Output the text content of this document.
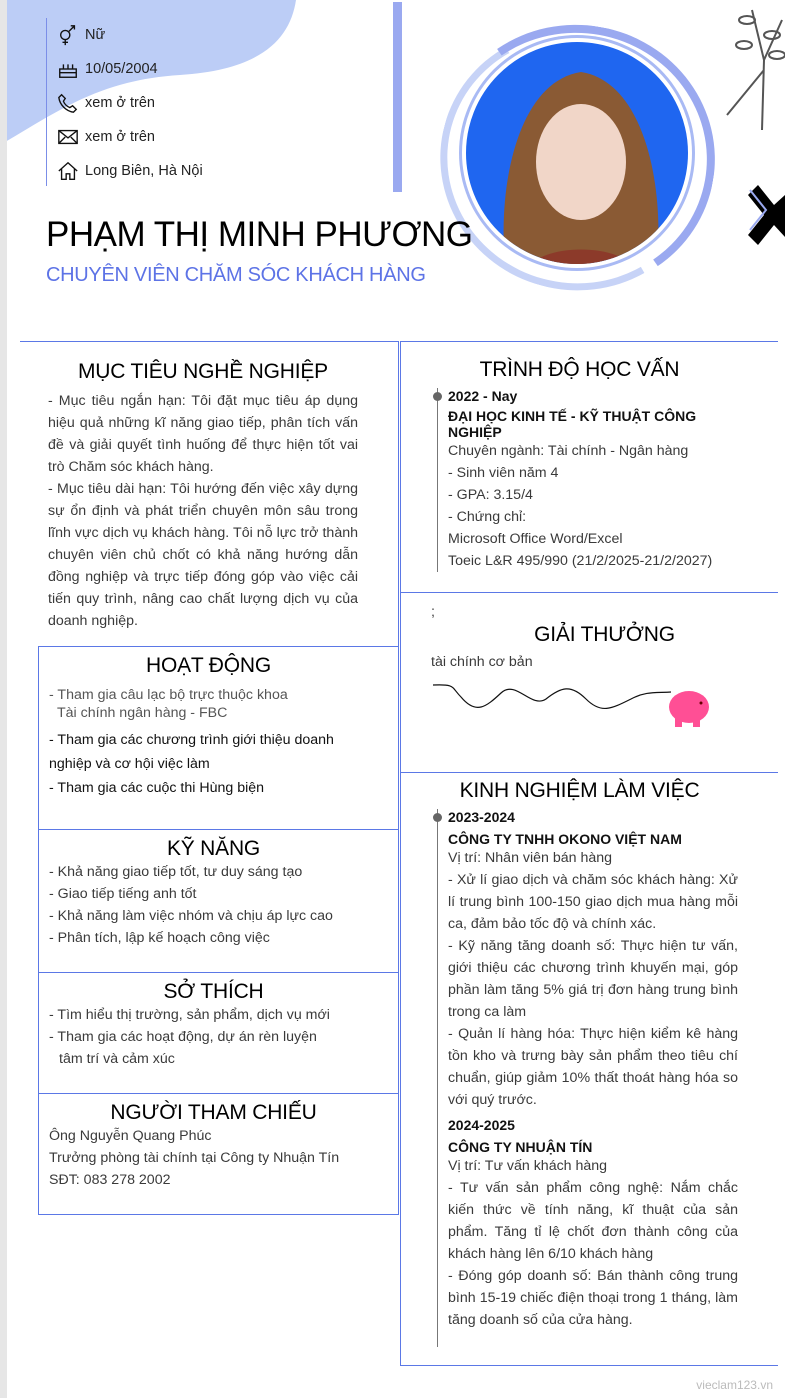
Nữ
10/05/2004
xem ở trên
xem ở trên
Long Biên, Hà Nội
PHẠM THỊ MINH PHƯƠNG
CHUYÊN VIÊN CHĂM SÓC KHÁCH HÀNG
MỤC TIÊU NGHỀ NGHIỆP

- Mục tiêu ngắn hạn: Tôi đặt mục tiêu áp dụng hiệu quả những kĩ năng giao tiếp, phân tích vấn đề và giải quyết tình huống để thực hiện tốt vai trò Chăm sóc khách hàng.

- Mục tiêu dài hạn: Tôi hướng đến việc xây dựng sự ổn định và phát triển chuyên môn sâu trong lĩnh vực dịch vụ khách hàng. Tôi nỗ lực trở thành chuyên viên chủ chốt có khả năng hướng dẫn đồng nghiệp và trực tiếp đóng góp vào việc cải tiến quy trình, nâng cao chất lượng dịch vụ của doanh nghiệp.

HOẠT ĐỘNG

- Tham gia câu lạc bộ trực thuộc khoa

Tài chính ngân hàng - FBC

- Tham gia các chương trình giới thiệu doanh nghiệp và cơ hội việc làm

- Tham gia các cuộc thi Hùng biện

KỸ NĂNG

- Khả năng giao tiếp tốt, tư duy sáng tạo

- Giao tiếp tiếng anh tốt

- Khả năng làm việc nhóm và chịu áp lực cao

- Phân tích, lập kế hoạch công việc

SỞ THÍCH

- Tìm hiểu thị trường, sản phẩm, dịch vụ mới

- Tham gia các hoạt động, dự án rèn luyện

tâm trí và cảm xúc

NGƯỜI THAM CHIẾU

Ông Nguyễn Quang Phúc

Trưởng phòng tài chính tại Công ty Nhuận Tín

SĐT: 083 278 2002

TRÌNH ĐỘ HỌC VẤN

2022 - Nay

ĐẠI HỌC KINH TẾ - KỸ THUẬT CÔNG NGHIỆP

Chuyên ngành: Tài chính - Ngân hàng

- Sinh viên năm 4

- GPA: 3.15/4

- Chứng chỉ:

Microsoft Office Word/Excel

Toeic L&R 495/990 (21/2/2025-21/2/2027)

;

GIẢI THƯỞNG

tài chính cơ bản

KINH NGHIỆM LÀM VIỆC

2023-2024

CÔNG TY TNHH OKONO VIỆT NAM

Vị trí: Nhân viên bán hàng

- Xử lí giao dịch và chăm sóc khách hàng: Xử lí trung bình 100-150 giao dịch mua hàng mỗi ca, đảm bảo tốc độ và chính xác.

- Kỹ năng tăng doanh số: Thực hiện tư vấn, giới thiệu các chương trình khuyến mại, góp phần làm tăng 5% giá trị đơn hàng trung bình trong ca làm

- Quản lí hàng hóa: Thực hiện kiểm kê hàng tồn kho và trưng bày sản phẩm theo tiêu chí chuẩn, giúp giảm 10% thất thoát hàng hóa so với quý trước.

2024-2025

CÔNG TY NHUẬN TÍN

Vị trí: Tư vấn khách hàng

- Tư vấn sản phẩm công nghệ: Nắm chắc kiến thức về tính năng, kĩ thuật của sản phẩm. Tăng tỉ lệ chốt đơn thành công của khách hàng lên 6/10 khách hàng

- Đóng góp doanh số: Bán thành công trung bình 15-19 chiếc điện thoại trong 1 tháng, làm tăng doanh số của cửa hàng.

vieclam123.vn
